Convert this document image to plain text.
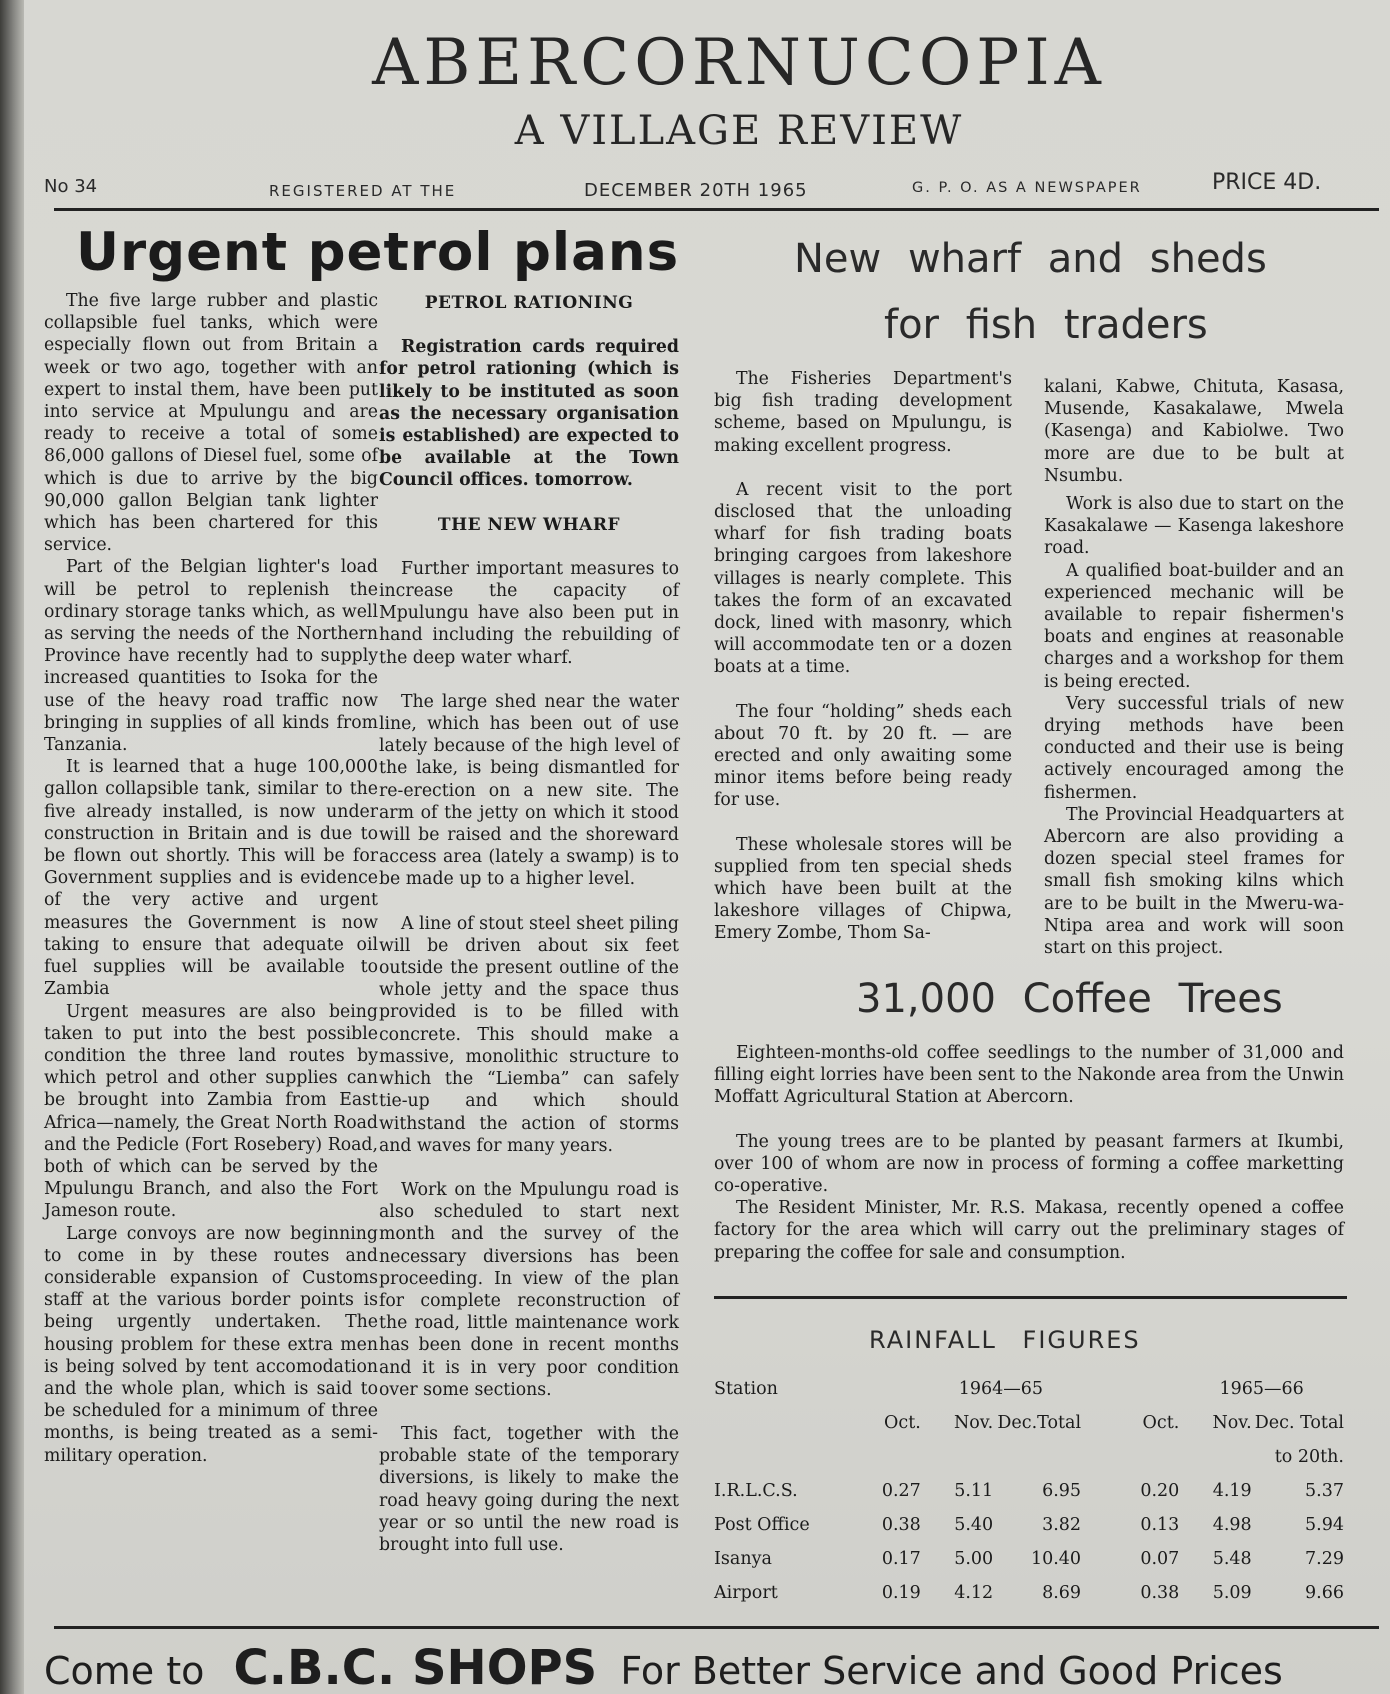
ABERCORNUCOPIA
A VILLAGE REVIEW
No 34	REGISTERED AT THE	DECEMBER 20TH 1965	G. P. O. AS A NEWSPAPER	PRICE 4D.
Urgent petrol plans

The five large rubber and plastic collapsible fuel tanks, which were especially flown out from Britain a week or two ago, together with an expert to instal them, have been put into service at Mpulungu and are ready to receive a total of some 86,000 gallons of Diesel fuel, some of which is due to arrive by the big 90,000 gallon Belgian tank lighter which has been chartered for this service.

Part of the Belgian lighter's load will be petrol to replenish the ordinary storage tanks which, as well as serving the needs of the Northern Province have recently had to supply increased quantities to Isoka for the use of the heavy road traffic now bringing in supplies of all kinds from Tanzania.

It is learned that a huge 100,000 gallon collapsible tank, similar to the five already installed, is now under construction in Britain and is due to be flown out shortly. This will be for Government supplies and is evidence of the very active and urgent measures the Government is now taking to ensure that adequate oil fuel supplies will be available to Zambia

Urgent measures are also being taken to put into the best possible condition the three land routes by which petrol and other supplies can be brought into Zambia from East Africa—namely, the Great North Road and the Pedicle (Fort Rosebery) Road, both of which can be served by the Mpulungu Branch, and also the Fort Jameson route.

Large convoys are now beginning to come in by these routes and considerable expansion of Customs staff at the various border points is being urgently undertaken. The housing problem for these extra men is being solved by tent accomodation and the whole plan, which is said to be scheduled for a minimum of three months, is being treated as a semi-military operation.

PETROL RATIONING

Registration cards required for petrol rationing (which is likely to be instituted as soon as the necessary organisation is established) are expected to be available at the Town Council offices. tomorrow.

THE NEW WHARF

Further important measures to increase the capacity of Mpulungu have also been put in hand including the rebuilding of the deep water wharf.

The large shed near the water line, which has been out of use lately because of the high level of the lake, is being dismantled for re-erection on a new site. The arm of the jetty on which it stood will be raised and the shoreward access area (lately a swamp) is to be made up to a higher level.

A line of stout steel sheet piling will be driven about six feet outside the present outline of the whole jetty and the space thus provided is to be filled with concrete. This should make a massive, monolithic structure to which the “Liemba” can safely tie-up and which should withstand the action of storms and waves for many years.

Work on the Mpulungu road is also scheduled to start next month and the survey of the necessary diversions has been proceeding. In view of the plan for complete reconstruction of the road, little maintenance work has been done in recent months and it is in very poor condition over some sections.

This fact, together with the probable state of the temporary diversions, is likely to make the road heavy going during the next year or so until the new road is brought into full use.

New wharf and sheds
for fish traders

The Fisheries Department's big fish trading development scheme, based on Mpulungu, is making excellent progress.

A recent visit to the port disclosed that the unloading wharf for fish trading boats bringing cargoes from lakeshore villages is nearly complete. This takes the form of an excavated dock, lined with masonry, which will accommodate ten or a dozen boats at a time.

The four “holding” sheds each about 70 ft. by 20 ft. — are erected and only awaiting some minor items before being ready for use.

These wholesale stores will be supplied from ten special sheds which have been built at the lakeshore villages of Chipwa, Emery Zombe, Thom Sa-

kalani, Kabwe, Chituta, Kasasa, Musende, Kasakalawe, Mwela (Kasenga) and Kabiolwe. Two more are due to be bult at Nsumbu.

Work is also due to start on the Kasakalawe — Kasenga lakeshore road.

A qualified boat-builder and an experienced mechanic will be available to repair fishermen's boats and engines at reasonable charges and a workshop for them is being erected.

Very successful trials of new drying methods have been conducted and their use is being actively encouraged among the fishermen.

The Provincial Headquarters at Abercorn are also providing a dozen special steel frames for small fish smoking kilns which are to be built in the Mweru-wa-Ntipa area and work will soon start on this project.

31,000 Coffee Trees

Eighteen-months-old coffee seedlings to the number of 31,000 and filling eight lorries have been sent to the Nakonde area from the Unwin Moffatt Agricultural Station at Abercorn.

The young trees are to be planted by peasant farmers at Ikumbi, over 100 of whom are now in process of forming a coffee marketting co-operative.

The Resident Minister, Mr. R.S. Makasa, recently opened a coffee factory for the area which will carry out the preliminary stages of preparing the coffee for sale and consumption.

RAINFALL FIGURES
Station		1964—65			1965—66	
	Oct.	Nov.	Dec.Total	Oct.	Nov.	Dec. Total
						to 20th.
I.R.L.C.S.	0.27	5.11	6.95	0.20	4.19	5.37
Post Office	0.38	5.40	3.82	0.13	4.98	5.94
Isanya	0.17	5.00	10.40	0.07	5.48	7.29
Airport	0.19	4.12	8.69	0.38	5.09	9.66
Come to C.B.C. SHOPS For Better Service and Good Prices
